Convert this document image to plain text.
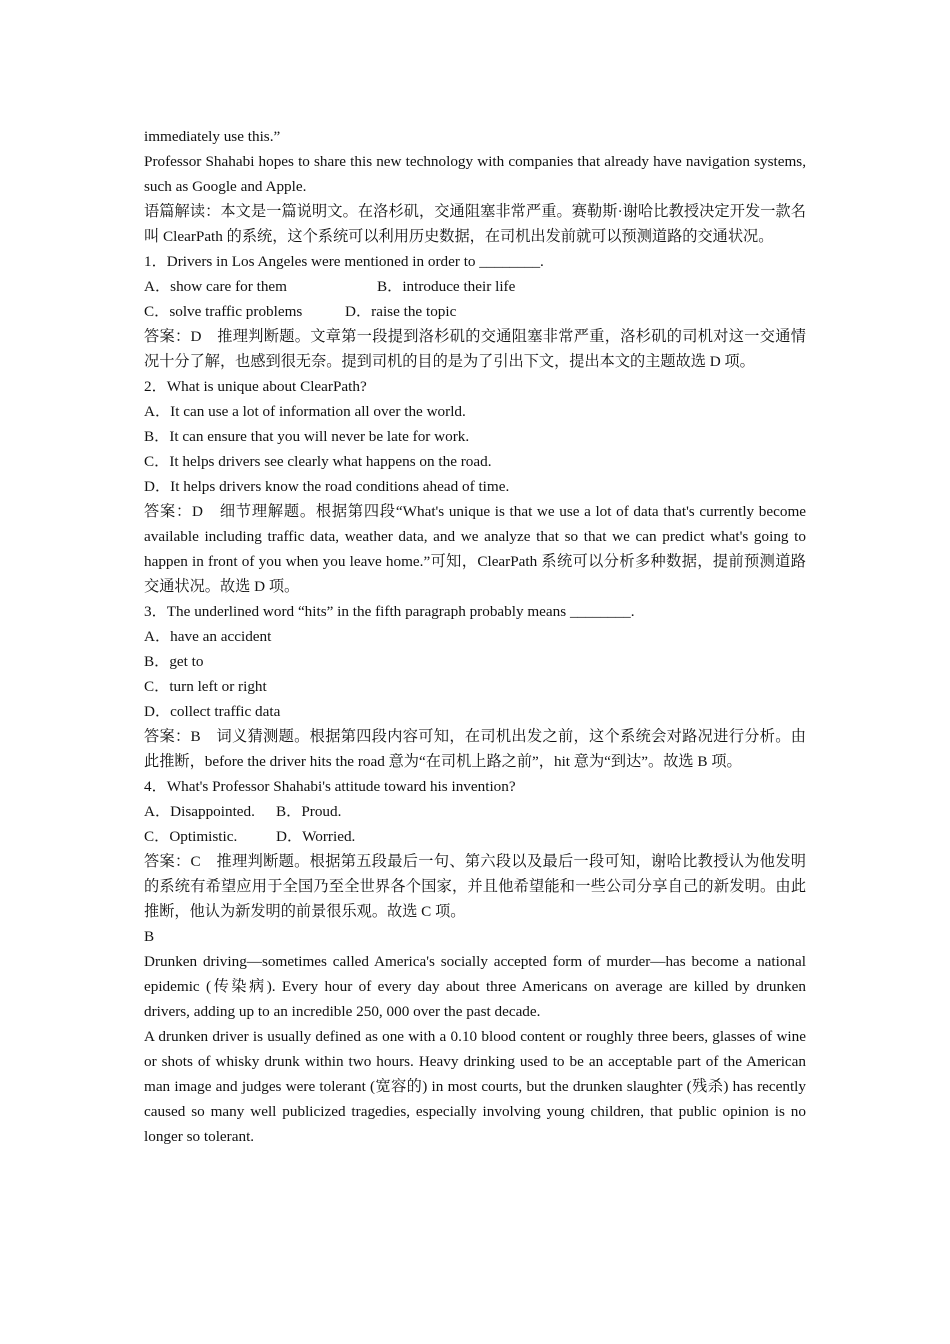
immediately use this.”
Professor Shahabi hopes to share this new technology with companies that already have navigation systems, such as Google and Apple.
语篇解读：本文是一篇说明文。在洛杉矶，交通阻塞非常严重。赛勒斯·谢哈比教授决定开发一款名叫 ClearPath 的系统，这个系统可以利用历史数据，在司机出发前就可以预测道路的交通状况。
1．Drivers in Los Angeles were mentioned in order to ________.
A．show care for them	B．introduce their life
C．solve traffic problems	D．raise the topic
答案：D　推理判断题。文章第一段提到洛杉矶的交通阻塞非常严重，洛杉矶的司机对这一交通情况十分了解，也感到很无奈。提到司机的目的是为了引出下文，提出本文的主题故选 D 项。
2．What is unique about ClearPath?
A．It can use a lot of information all over the world.
B．It can ensure that you will never be late for work.
C．It helps drivers see clearly what happens on the road.
D．It helps drivers know the road conditions ahead of time.
答案：D　细节理解题。根据第四段“What's unique is that we use a lot of data that's currently become available including traffic data, weather data, and we analyze that so that we can predict what's going to happen in front of you when you leave home.”可知，ClearPath 系统可以分析多种数据，提前预测道路交通状况。故选 D 项。
3．The underlined word “hits” in the fifth paragraph probably means ________.
A．have an accident
B．get to
C．turn left or right
D．collect traffic data
答案：B　词义猜测题。根据第四段内容可知，在司机出发之前，这个系统会对路况进行分析。由此推断，before the driver hits the road 意为“在司机上路之前”，hit 意为“到达”。故选 B 项。
4．What's Professor Shahabi's attitude toward his invention?
A．Disappointed. B．Proud.
C．Optimistic.	D．Worried.
答案：C　推理判断题。根据第五段最后一句、第六段以及最后一段可知，谢哈比教授认为他发明的系统有希望应用于全国乃至全世界各个国家，并且他希望能和一些公司分享自己的新发明。由此推断，他认为新发明的前景很乐观。故选 C 项。
B
Drunken driving—sometimes called America's socially accepted form of murder—has become a national epidemic (传染病). Every hour of every day about three Americans on average are killed by drunken drivers, adding up to an incredible 250, 000 over the past decade.
A drunken driver is usually defined as one with a 0.10 blood content or roughly three beers, glasses of wine or shots of whisky drunk within two hours. Heavy drinking used to be an acceptable part of the American man image and judges were tolerant (宽容的) in most courts, but the drunken slaughter (残杀) has recently caused so many well publicized tragedies, especially involving young children, that public opinion is no longer so tolerant.
